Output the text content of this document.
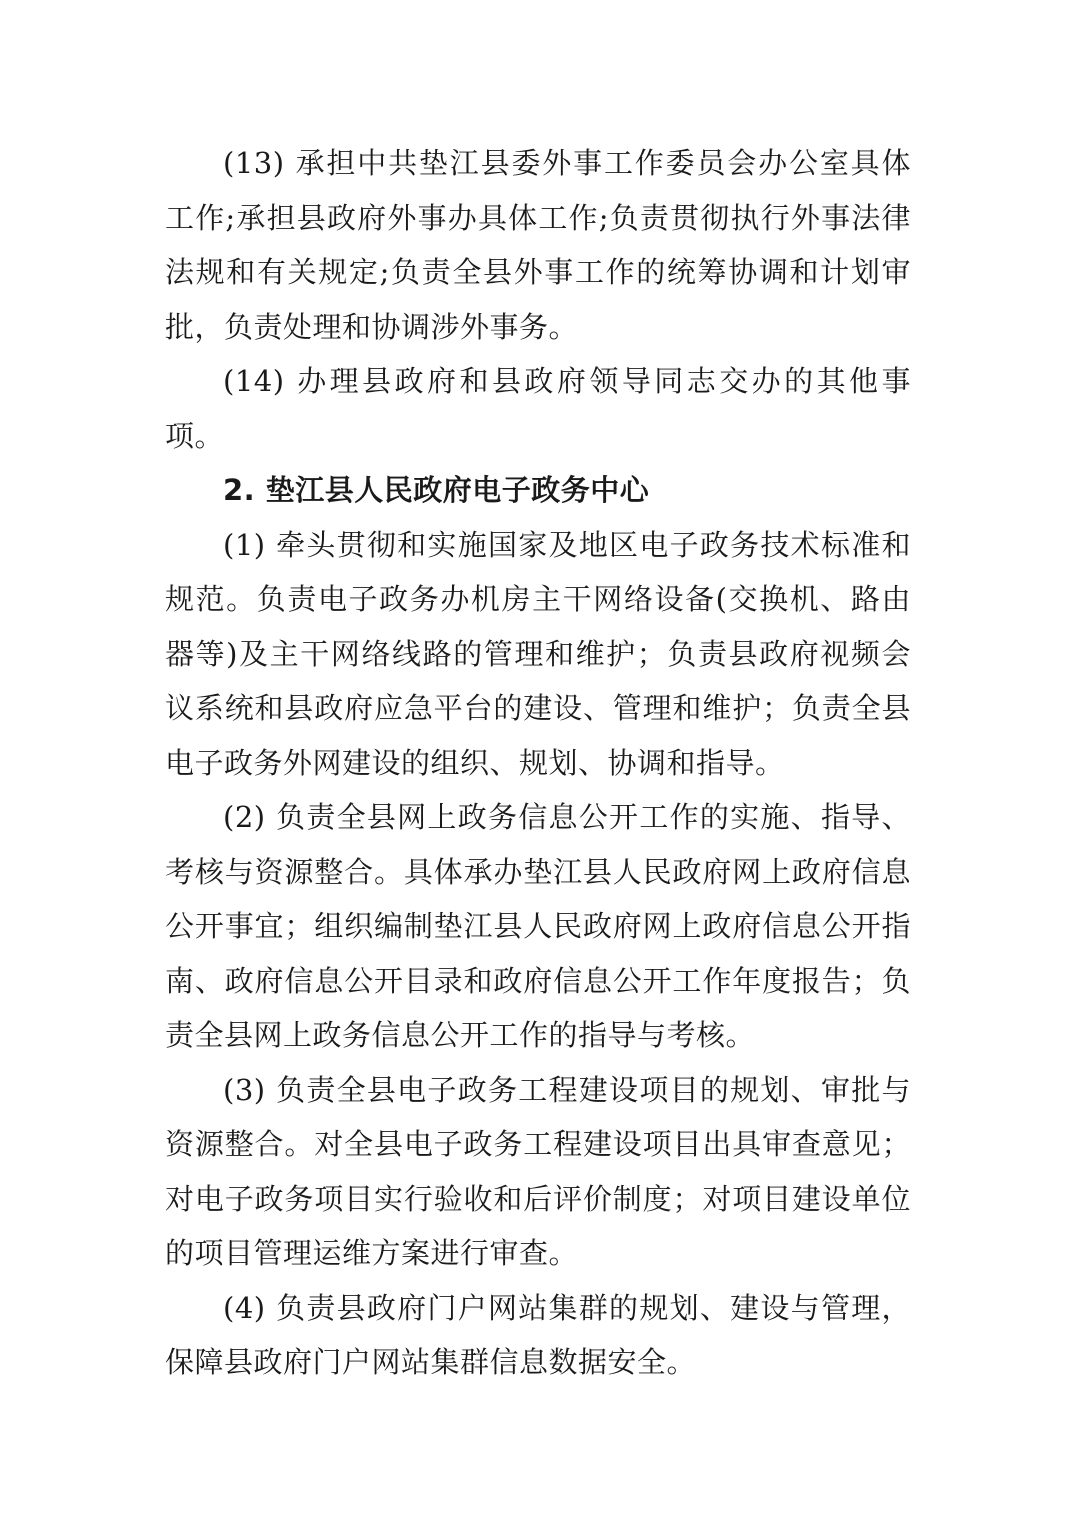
(13) 承担中共垫江县委外事工作委员会办公室具体工作;承担县政府外事办具体工作;负责贯彻执行外事法律法规和有关规定;负责全县外事工作的统筹协调和计划审批，负责处理和协调涉外事务。

(14) 办理县政府和县政府领导同志交办的其他事项。

2. 垫江县人民政府电子政务中心

(1) 牵头贯彻和实施国家及地区电子政务技术标准和规范。负责电子政务办机房主干网络设备(交换机、路由器等)及主干网络线路的管理和维护；负责县政府视频会议系统和县政府应急平台的建设、管理和维护；负责全县电子政务外网建设的组织、规划、协调和指导。

(2) 负责全县网上政务信息公开工作的实施、指导、考核与资源整合。具体承办垫江县人民政府网上政府信息公开事宜；组织编制垫江县人民政府网上政府信息公开指南、政府信息公开目录和政府信息公开工作年度报告；负责全县网上政务信息公开工作的指导与考核。

(3) 负责全县电子政务工程建设项目的规划、审批与资源整合。对全县电子政务工程建设项目出具审查意见；对电子政务项目实行验收和后评价制度；对项目建设单位的项目管理运维方案进行审查。

(4) 负责县政府门户网站集群的规划、建设与管理，保障县政府门户网站集群信息数据安全。
